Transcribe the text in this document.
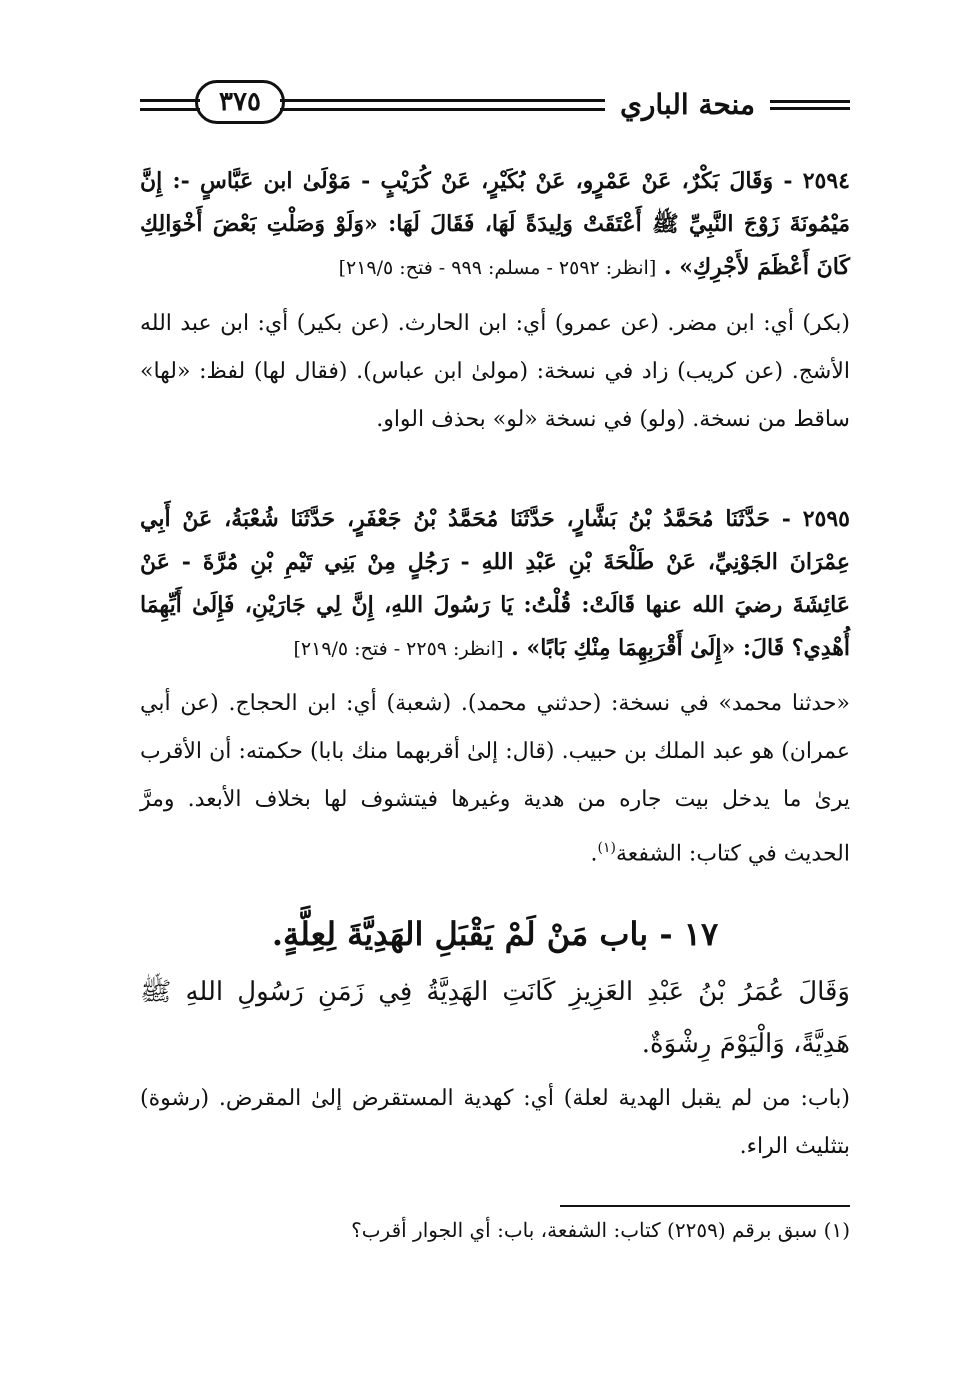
منحة الباري
٣٧٥
٢٥٩٤ - وَقَالَ بَكْرٌ، عَنْ عَمْرٍو، عَنْ بُكَيْرٍ، عَنْ كُرَيْبٍ - مَوْلَىٰ ابن عَبَّاسٍ -: إِنَّ مَيْمُونَةَ زَوْجَ النَّبِيِّ ﷺ أَعْتَقَتْ وَلِيدَةً لَهَا، فَقَالَ لَهَا: «وَلَوْ وَصَلْتِ بَعْضَ أَخْوَالِكِ كَانَ أَعْظَمَ لأَجْرِكِ» . [انظر: ٢٥٩٢ - مسلم: ٩٩٩ - فتح: ٢١٩/٥]
(بكر) أي: ابن مضر. (عن عمرو) أي: ابن الحارث. (عن بكير) أي: ابن عبد الله الأشج. (عن كريب) زاد في نسخة: (مولىٰ ابن عباس). (فقال لها) لفظ: «لها» ساقط من نسخة. (ولو) في نسخة «لو» بحذف الواو.
٢٥٩٥ - حَدَّثَنَا مُحَمَّدُ بْنُ بَشَّارٍ، حَدَّثَنَا مُحَمَّدُ بْنُ جَعْفَرٍ، حَدَّثَنَا شُعْبَةُ، عَنْ أَبِي عِمْرَانَ الجَوْنِيِّ، عَنْ طَلْحَةَ بْنِ عَبْدِ اللهِ - رَجُلٍ مِنْ بَنِي تَيْمِ بْنِ مُرَّةَ - عَنْ عَائِشَةَ رضيَ الله عنها قَالَتْ: قُلْتُ: يَا رَسُولَ اللهِ، إِنَّ لِي جَارَيْنِ، فَإِلَىٰ أَيِّهِمَا أُهْدِي؟ قَالَ: «إِلَىٰ أَقْرَبِهِمَا مِنْكِ بَابًا» . [انظر: ٢٢٥٩ - فتح: ٢١٩/٥]
«حدثنا محمد» في نسخة: (حدثني محمد). (شعبة) أي: ابن الحجاج. (عن أبي عمران) هو عبد الملك بن حبيب. (قال: إلىٰ أقربهما منك بابا) حكمته: أن الأقرب يرىٰ ما يدخل بيت جاره من هدية وغيرها فيتشوف لها بخلاف الأبعد. ومرَّ الحديث في كتاب: الشفعة$^{(١)}$.
١٧ - باب مَنْ لَمْ يَقْبَلِ الهَدِيَّةَ لِعِلَّةٍ.
وَقَالَ عُمَرُ بْنُ عَبْدِ العَزِيزِ كَانَتِ الهَدِيَّةُ فِي زَمَنِ رَسُولِ اللهِ ﷺ هَدِيَّةً، وَالْيَوْمَ رِشْوَةٌ.
(باب: من لم يقبل الهدية لعلة) أي: كهدية المستقرض إلىٰ المقرض. (رشوة) بتثليث الراء.
(١) سبق برقم (٢٢٥٩) كتاب: الشفعة، باب: أي الجوار أقرب؟
